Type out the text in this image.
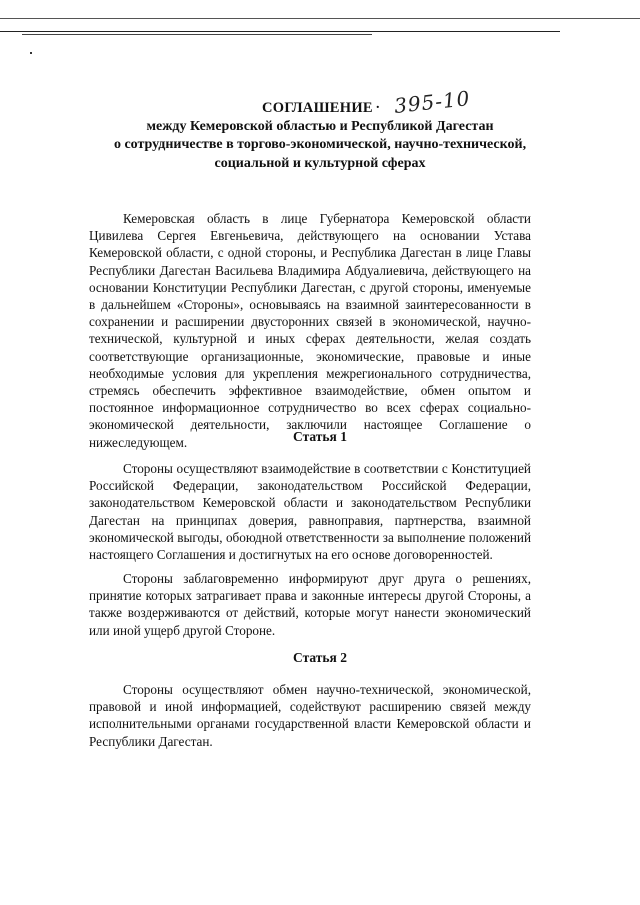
СОГЛАШЕНИЕ . 395-10
между Кемеровской областью и Республикой Дагестан
о сотрудничестве в торгово-экономической, научно-технической,
социальной и культурной сферах

Кемеровская область в лице Губернатора Кемеровской области Цивилева Сергея Евгеньевича, действующего на основании Устава Кемеровской области, с одной стороны, и Республика Дагестан в лице Главы Республики Дагестан Васильева Владимира Абдуалиевича, действующего на основании Конституции Республики Дагестан, с другой стороны, именуемые в дальнейшем «Стороны», основываясь на взаимной заинтересованности в сохранении и расширении двусторонних связей в экономической, научно-технической, культурной и иных сферах деятельности, желая создать соответствующие организационные, экономические, правовые и иные необходимые условия для укрепления межрегионального сотрудничества, стремясь обеспечить эффективное взаимодействие, обмен опытом и постоянное информационное сотрудничество во всех сферах социально-экономической деятельности, заключили настоящее Соглашение о нижеследующем.	Статья 1

Стороны осуществляют взаимодействие в соответствии с Конституцией Российской Федерации, законодательством Российской Федерации, законодательством Кемеровской области и законодательством Республики Дагестан на принципах доверия, равноправия, партнерства, взаимной экономической выгоды, обоюдной ответственности за выполнение положений настоящего Соглашения и достигнутых на его основе договоренностей.

Стороны заблаговременно информируют друг друга о решениях, принятие которых затрагивает права и законные интересы другой Стороны, а также воздерживаются от действий, которые могут нанести экономический или иной ущерб другой Стороне.

Статья 2

Стороны осуществляют обмен научно-технической, экономической, правовой и иной информацией, содействуют расширению связей между исполнительными органами государственной власти Кемеровской области и Республики Дагестан.
